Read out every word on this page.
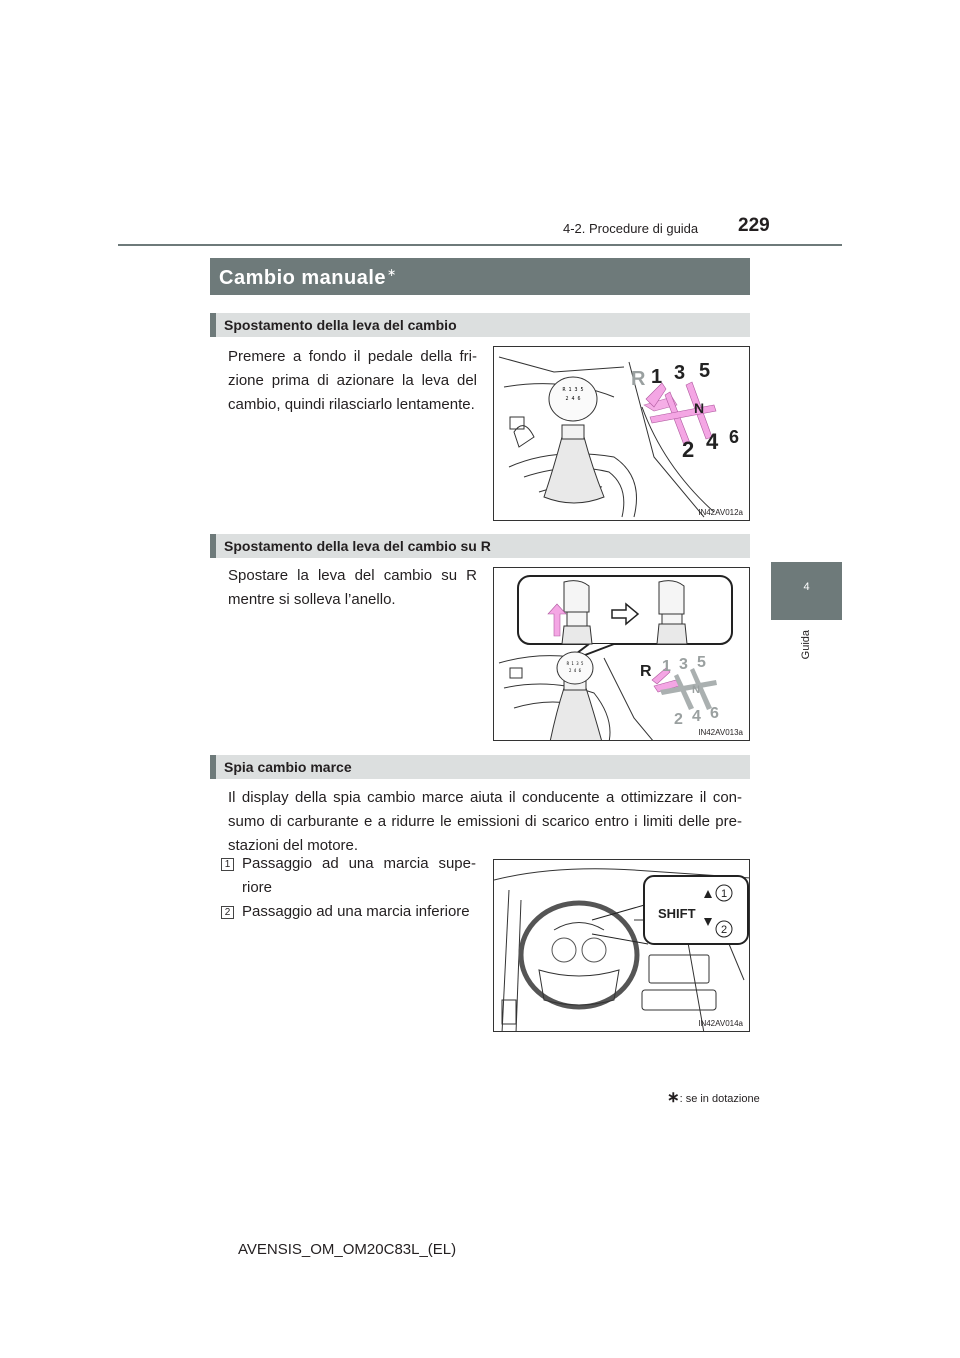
4-2. Procedure di guida 229
4
Guida
Cambio manuale∗
Spostamento della leva del cambio
Premere a fondo il pedale della frizione prima di azionare la leva del cambio, quindi rilasciarlo lentamente.
R 1 3 5
2 4 6
R 1 3 5
N
2 4 6
IN42AV012a
Spostamento della leva del cambio su R
Spostare la leva del cambio su R mentre si solleva l’anello.
R 1 3 5
2 4 6	R 1 3 5
N
2 4 6
IN42AV013a
Spia cambio marce
Il display della spia cambio marce aiuta il conducente a ottimizzare il consumo di carburante e a ridurre le emissioni di scarico entro i limiti delle prestazioni del motore.
1 Passaggio ad una marcia superiore
2 Passaggio ad una marcia inferiore	SHIFT
1
2
IN42AV014a
∗: se in dotazione
AVENSIS_OM_OM20C83L_(EL)
